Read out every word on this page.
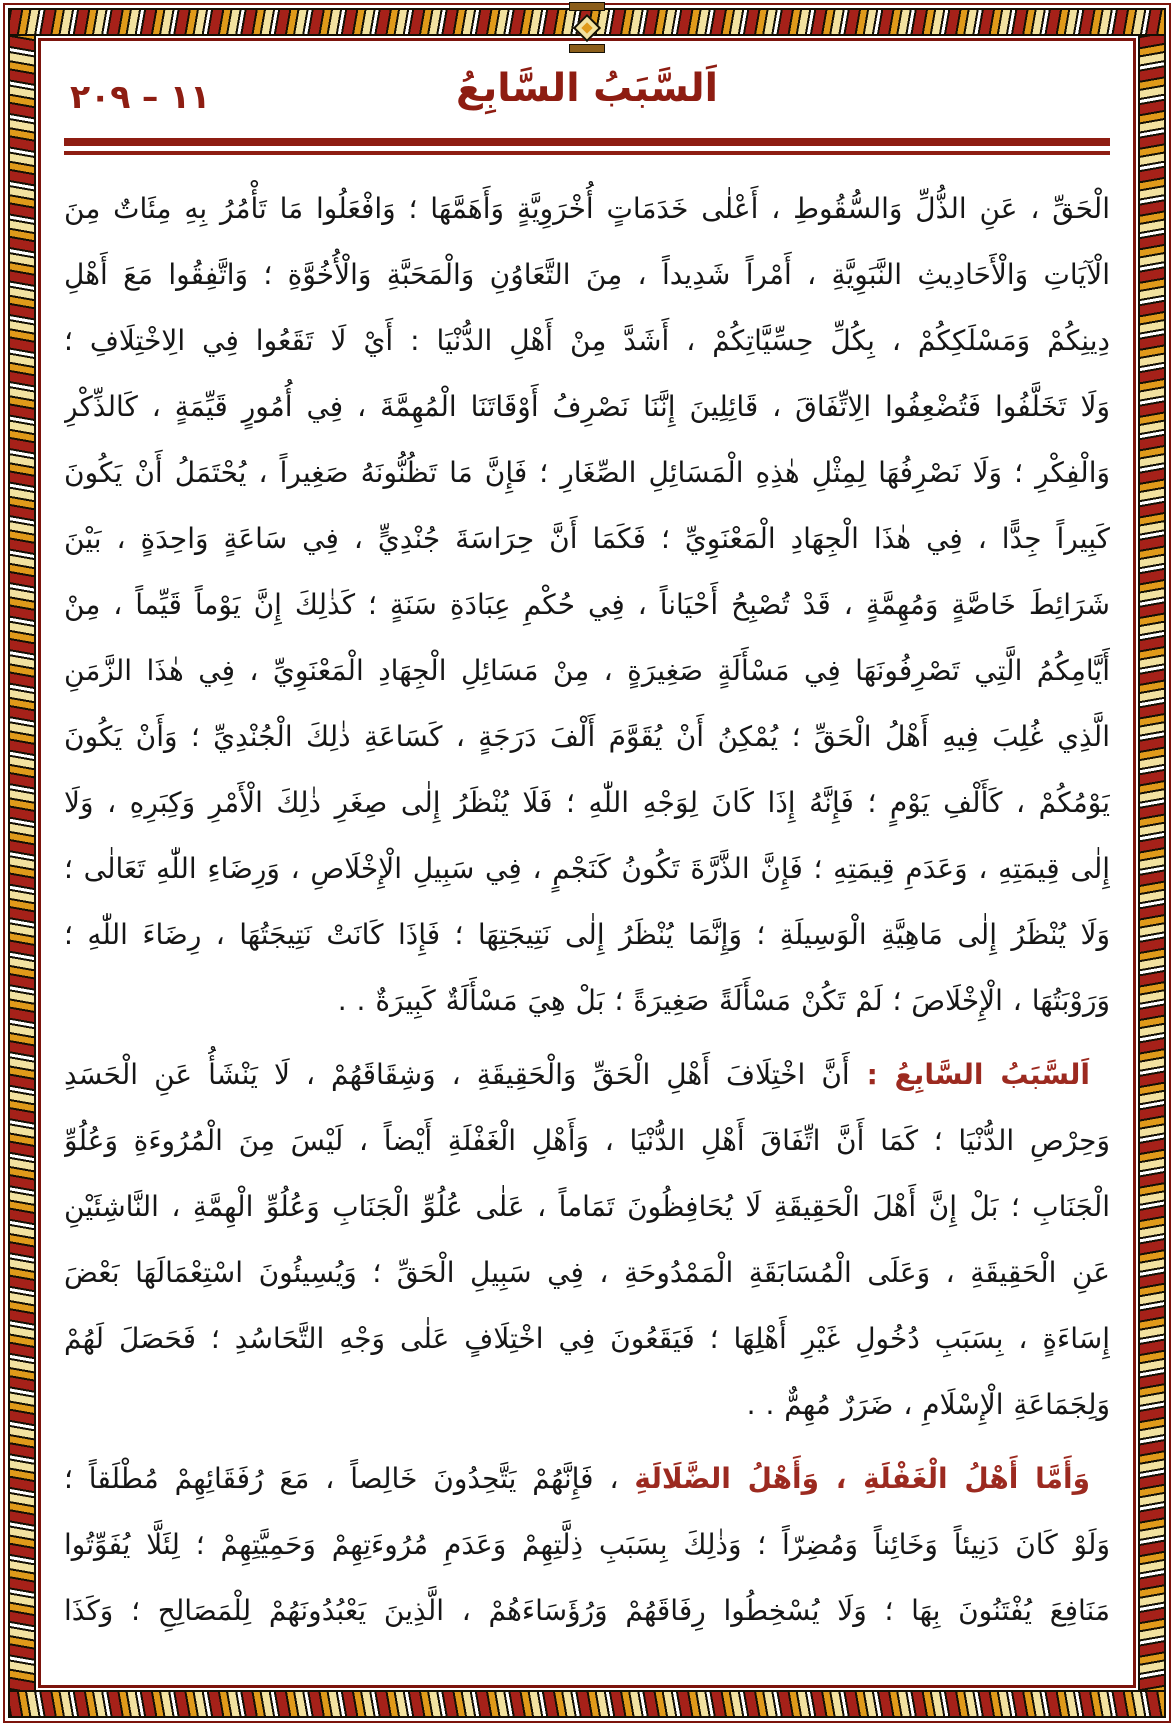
١١ – ٢٠٩	اَلسَّبَبُ السَّابِعُ
الْحَقِّ ، عَنِ الذُّلِّ وَالسُّقُوطِ ، أَعْلٰى خَدَمَاتٍ أُخْرَوِيَّةٍ وَأَهَمَّهَا ؛ وَافْعَلُوا مَا تَأْمُرُ بِهِ مِئَاتٌ مِنَ
الْآيَاتِ وَالْأَحَادِيثِ النَّبَوِيَّةِ ، أَمْراً شَدِيداً ، مِنَ التَّعَاوُنِ وَالْمَحَبَّةِ وَالْأُخُوَّةِ ؛ وَاتَّفِقُوا مَعَ أَهْلِ
دِينِكُمْ وَمَسْلَكِكُمْ ، بِكُلِّ حِسِّيَّاتِكُمْ ، أَشَدَّ مِنْ أَهْلِ الدُّنْيَا : أَيْ لَا تَقَعُوا فِي الِاخْتِلَافِ ؛
وَلَا تَخَلَّفُوا فَتُضْعِفُوا الِاتِّفَاقَ ، قَائِلِينَ إِنَّنَا نَصْرِفُ أَوْقَاتَنَا الْمُهِمَّةَ ، فِي أُمُورٍ قَيِّمَةٍ ، كَالذِّكْرِ
وَالْفِكْرِ ؛ وَلَا نَصْرِفُهَا لِمِثْلِ هٰذِهِ الْمَسَائِلِ الصِّغَارِ ؛ فَإِنَّ مَا تَظُنُّونَهُ صَغِيراً ، يُحْتَمَلُ أَنْ يَكُونَ
كَبِيراً جِدًّا ، فِي هٰذَا الْجِهَادِ الْمَعْنَوِيِّ ؛ فَكَمَا أَنَّ حِرَاسَةَ جُنْدِيٍّ ، فِي سَاعَةٍ وَاحِدَةٍ ، بَيْنَ
شَرَائِطَ خَاصَّةٍ وَمُهِمَّةٍ ، قَدْ تُصْبِحُ أَحْيَاناً ، فِي حُكْمِ عِبَادَةِ سَنَةٍ ؛ كَذٰلِكَ إِنَّ يَوْماً قَيِّماً ، مِنْ
أَيَّامِكُمُ الَّتِي تَصْرِفُونَهَا فِي مَسْأَلَةٍ صَغِيرَةٍ ، مِنْ مَسَائِلِ الْجِهَادِ الْمَعْنَوِيِّ ، فِي هٰذَا الزَّمَنِ
الَّذِي غُلِبَ فِيهِ أَهْلُ الْحَقِّ ؛ يُمْكِنُ أَنْ يُقَوَّمَ أَلْفَ دَرَجَةٍ ، كَسَاعَةِ ذٰلِكَ الْجُنْدِيِّ ؛ وَأَنْ يَكُونَ
يَوْمُكُمْ ، كَأَلْفِ يَوْمٍ ؛ فَإِنَّهُ إِذَا كَانَ لِوَجْهِ اللّٰهِ ؛ فَلَا يُنْظَرُ إِلٰى صِغَرِ ذٰلِكَ الْأَمْرِ وَكِبَرِهِ ، وَلَا
إِلٰى قِيمَتِهِ ، وَعَدَمِ قِيمَتِهِ ؛ فَإِنَّ الذَّرَّةَ تَكُونُ كَنَجْمٍ ، فِي سَبِيلِ الْإِخْلَاصِ ، وَرِضَاءِ اللّٰهِ تَعَالٰى ؛
وَلَا يُنْظَرُ إِلٰى مَاهِيَّةِ الْوَسِيلَةِ ؛ وَإِنَّمَا يُنْظَرُ إِلٰى نَتِيجَتِهَا ؛ فَإِذَا كَانَتْ نَتِيجَتُهَا ، رِضَاءَ اللّٰهِ ؛
وَرَوْبَتُهَا ، الْإِخْلَاصَ ؛ لَمْ تَكُنْ مَسْأَلَةً صَغِيرَةً ؛ بَلْ هِيَ مَسْأَلَةٌ كَبِيرَةٌ . .
اَلسَّبَبُ السَّابِعُ : أَنَّ اخْتِلَافَ أَهْلِ الْحَقِّ وَالْحَقِيقَةِ ، وَشِقَاقَهُمْ ، لَا يَنْشَأُ عَنِ الْحَسَدِ
وَحِرْصِ الدُّنْيَا ؛ كَمَا أَنَّ اتِّفَاقَ أَهْلِ الدُّنْيَا ، وَأَهْلِ الْغَفْلَةِ أَيْضاً ، لَيْسَ مِنَ الْمُرُوءَةِ وَعُلُوِّ
الْجَنَابِ ؛ بَلْ إِنَّ أَهْلَ الْحَقِيقَةِ لَا يُحَافِظُونَ تَمَاماً ، عَلٰى عُلُوِّ الْجَنَابِ وَعُلُوِّ الْهِمَّةِ ، النَّاشِئَيْنِ
عَنِ الْحَقِيقَةِ ، وَعَلَى الْمُسَابَقَةِ الْمَمْدُوحَةِ ، فِي سَبِيلِ الْحَقِّ ؛ وَيُسِيئُونَ اسْتِعْمَالَهَا بَعْضَ
إِسَاءَةٍ ، بِسَبَبِ دُخُولِ غَيْرِ أَهْلِهَا ؛ فَيَقَعُونَ فِي اخْتِلَافٍ عَلٰى وَجْهِ التَّحَاسُدِ ؛ فَحَصَلَ لَهُمْ
وَلِجَمَاعَةِ الْإِسْلَامِ ، ضَرَرٌ مُهِمٌّ . .
وَأَمَّا أَهْلُ الْغَفْلَةِ ، وَأَهْلُ الضَّلَالَةِ ، فَإِنَّهُمْ يَتَّحِدُونَ خَالِصاً ، مَعَ رُفَقَائِهِمْ مُطْلَقاً ؛
وَلَوْ كَانَ دَنِيئاً وَخَائِناً وَمُضِرّاً ؛ وَذٰلِكَ بِسَبَبِ ذِلَّتِهِمْ وَعَدَمِ مُرُوءَتِهِمْ وَحَمِيَّتِهِمْ ؛ لِئَلَّا يُفَوِّتُوا
مَنَافِعَ يُفْتَنُونَ بِهَا ؛ وَلَا يُسْخِطُوا رِفَاقَهُمْ وَرُؤَسَاءَهُمْ ، الَّذِينَ يَعْبُدُونَهُمْ لِلْمَصَالِحِ ؛ وَكَذَا
